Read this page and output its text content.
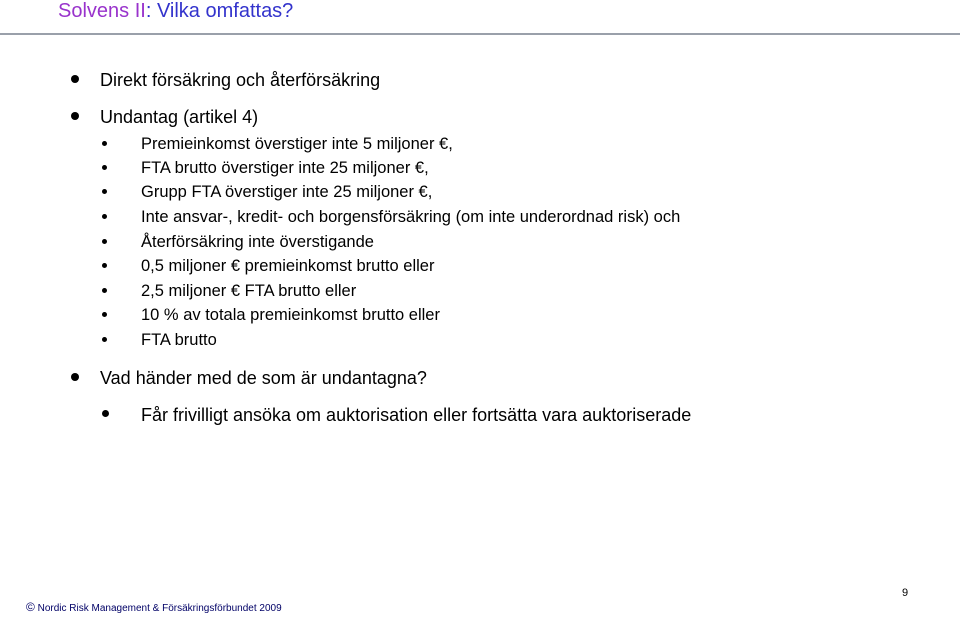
Solvens II: Vilka omfattas?
Direkt försäkring och återförsäkring
Undantag (artikel 4)
Premieinkomst överstiger inte 5 miljoner €,
FTA brutto överstiger inte 25 miljoner €,
Grupp FTA överstiger inte 25 miljoner €,
Inte ansvar-, kredit- och borgensförsäkring (om inte underordnad risk) och
Återförsäkring inte överstigande
0,5 miljoner € premieinkomst brutto eller
2,5 miljoner € FTA brutto eller
10 % av totala premieinkomst brutto eller
FTA brutto
Vad händer med de som är undantagna?
Får frivilligt ansöka om auktorisation eller fortsätta vara auktoriserade
© Nordic Risk Management & Försäkringsförbundet 2009
9
